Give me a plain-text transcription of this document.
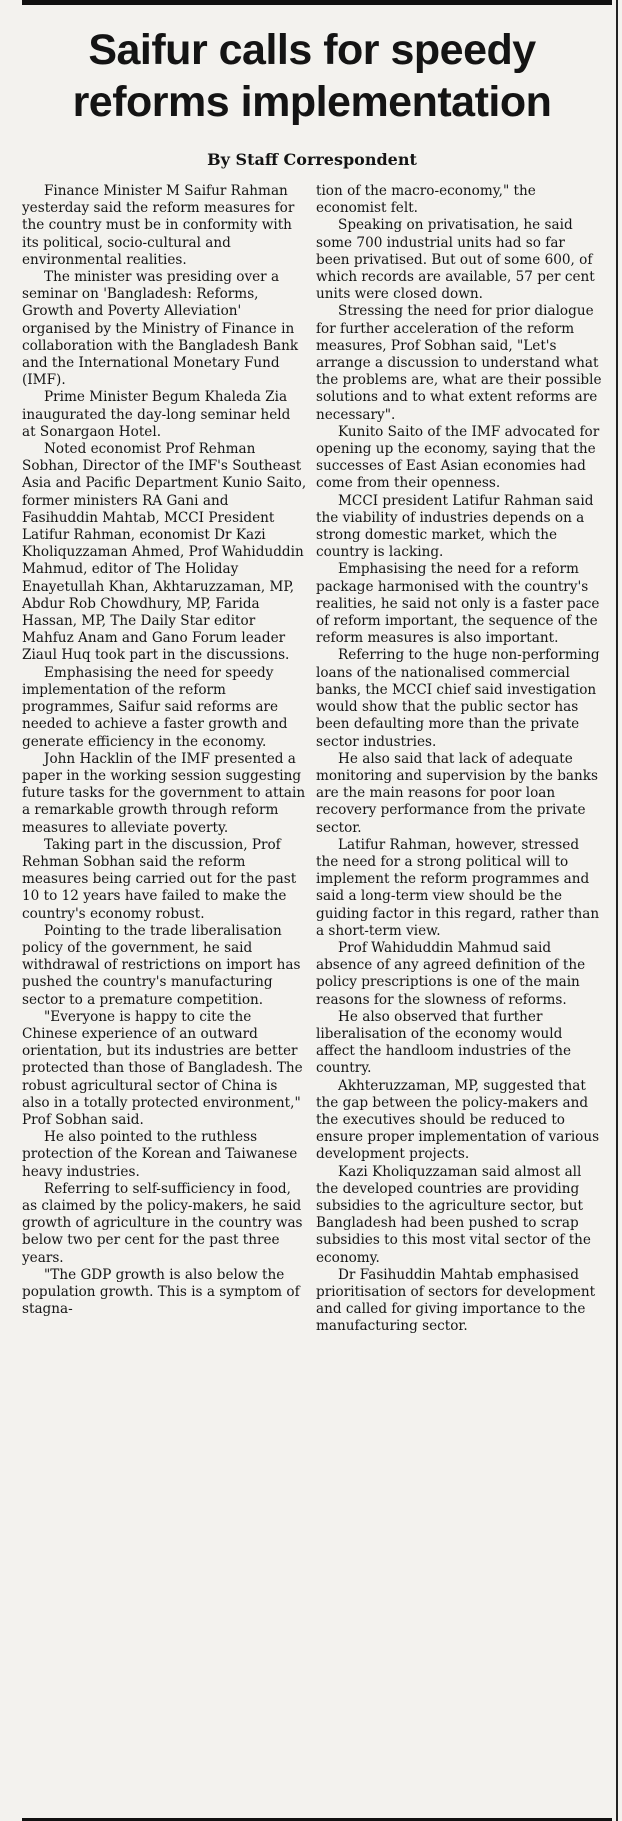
Saifur calls for speedy
reforms implementation
By Staff Correspondent

Finance Minister M Saifur Rahman yesterday said the reform measures for the country must be in conformity with its political, socio-cultural and environmental realities.

The minister was presiding over a seminar on 'Bangladesh: Reforms, Growth and Poverty Alleviation' organised by the Ministry of Finance in collaboration with the Bangladesh Bank and the International Monetary Fund (IMF).

Prime Minister Begum Khaleda Zia inaugurated the day-long seminar held at Sonargaon Hotel.

Noted economist Prof Rehman Sobhan, Director of the IMF's Southeast Asia and Pacific Department Kunio Saito, former ministers RA Gani and Fasihuddin Mahtab, MCCI President Latifur Rahman, economist Dr Kazi Kholiquzzaman Ahmed, Prof Wahiduddin Mahmud, editor of The Holiday Enayetullah Khan, Akhtaruzzaman, MP, Abdur Rob Chowdhury, MP, Farida Hassan, MP, The Daily Star editor Mahfuz Anam and Gano Forum leader Ziaul Huq took part in the discussions.

Emphasising the need for speedy implementation of the reform programmes, Saifur said reforms are needed to achieve a faster growth and generate efficiency in the economy.

John Hacklin of the IMF presented a paper in the working session suggesting future tasks for the government to attain a remarkable growth through reform measures to alleviate poverty.

Taking part in the discussion, Prof Rehman Sobhan said the reform measures being carried out for the past 10 to 12 years have failed to make the country's economy robust.

Pointing to the trade liberalisation policy of the government, he said withdrawal of restrictions on import has pushed the country's manufacturing sector to a premature competition.

"Everyone is happy to cite the Chinese experience of an outward orientation, but its industries are better protected than those of Bangladesh. The robust agricultural sector of China is also in a totally protected environment," Prof Sobhan said.

He also pointed to the ruthless protection of the Korean and Taiwanese heavy industries.

Referring to self-sufficiency in food, as claimed by the policy-makers, he said growth of agriculture in the country was below two per cent for the past three years.

"The GDP growth is also below the population growth. This is a symptom of stagna-

tion of the macro-economy," the economist felt.

Speaking on privatisation, he said some 700 industrial units had so far been privatised. But out of some 600, of which records are available, 57 per cent units were closed down.

Stressing the need for prior dialogue for further acceleration of the reform measures, Prof Sobhan said, "Let's arrange a discussion to understand what the problems are, what are their possible solutions and to what extent reforms are necessary".

Kunito Saito of the IMF advocated for opening up the economy, saying that the successes of East Asian economies had come from their openness.

MCCI president Latifur Rahman said the viability of industries depends on a strong domestic market, which the country is lacking.

Emphasising the need for a reform package harmonised with the country's realities, he said not only is a faster pace of reform important, the sequence of the reform measures is also important.

Referring to the huge non-performing loans of the nationalised commercial banks, the MCCI chief said investigation would show that the public sector has been defaulting more than the private sector industries.

He also said that lack of adequate monitoring and supervision by the banks are the main reasons for poor loan recovery performance from the private sector.

Latifur Rahman, however, stressed the need for a strong political will to implement the reform programmes and said a long-term view should be the guiding factor in this regard, rather than a short-term view.

Prof Wahiduddin Mahmud said absence of any agreed definition of the policy prescriptions is one of the main reasons for the slowness of reforms.

He also observed that further liberalisation of the economy would affect the handloom industries of the country.

Akhteruzzaman, MP, suggested that the gap between the policy-makers and the executives should be reduced to ensure proper implementation of various development projects.

Kazi Kholiquzzaman said almost all the developed countries are providing subsidies to the agriculture sector, but Bangladesh had been pushed to scrap subsidies to this most vital sector of the economy.

Dr Fasihuddin Mahtab emphasised prioritisation of sectors for development and called for giving importance to the manufacturing sector.
